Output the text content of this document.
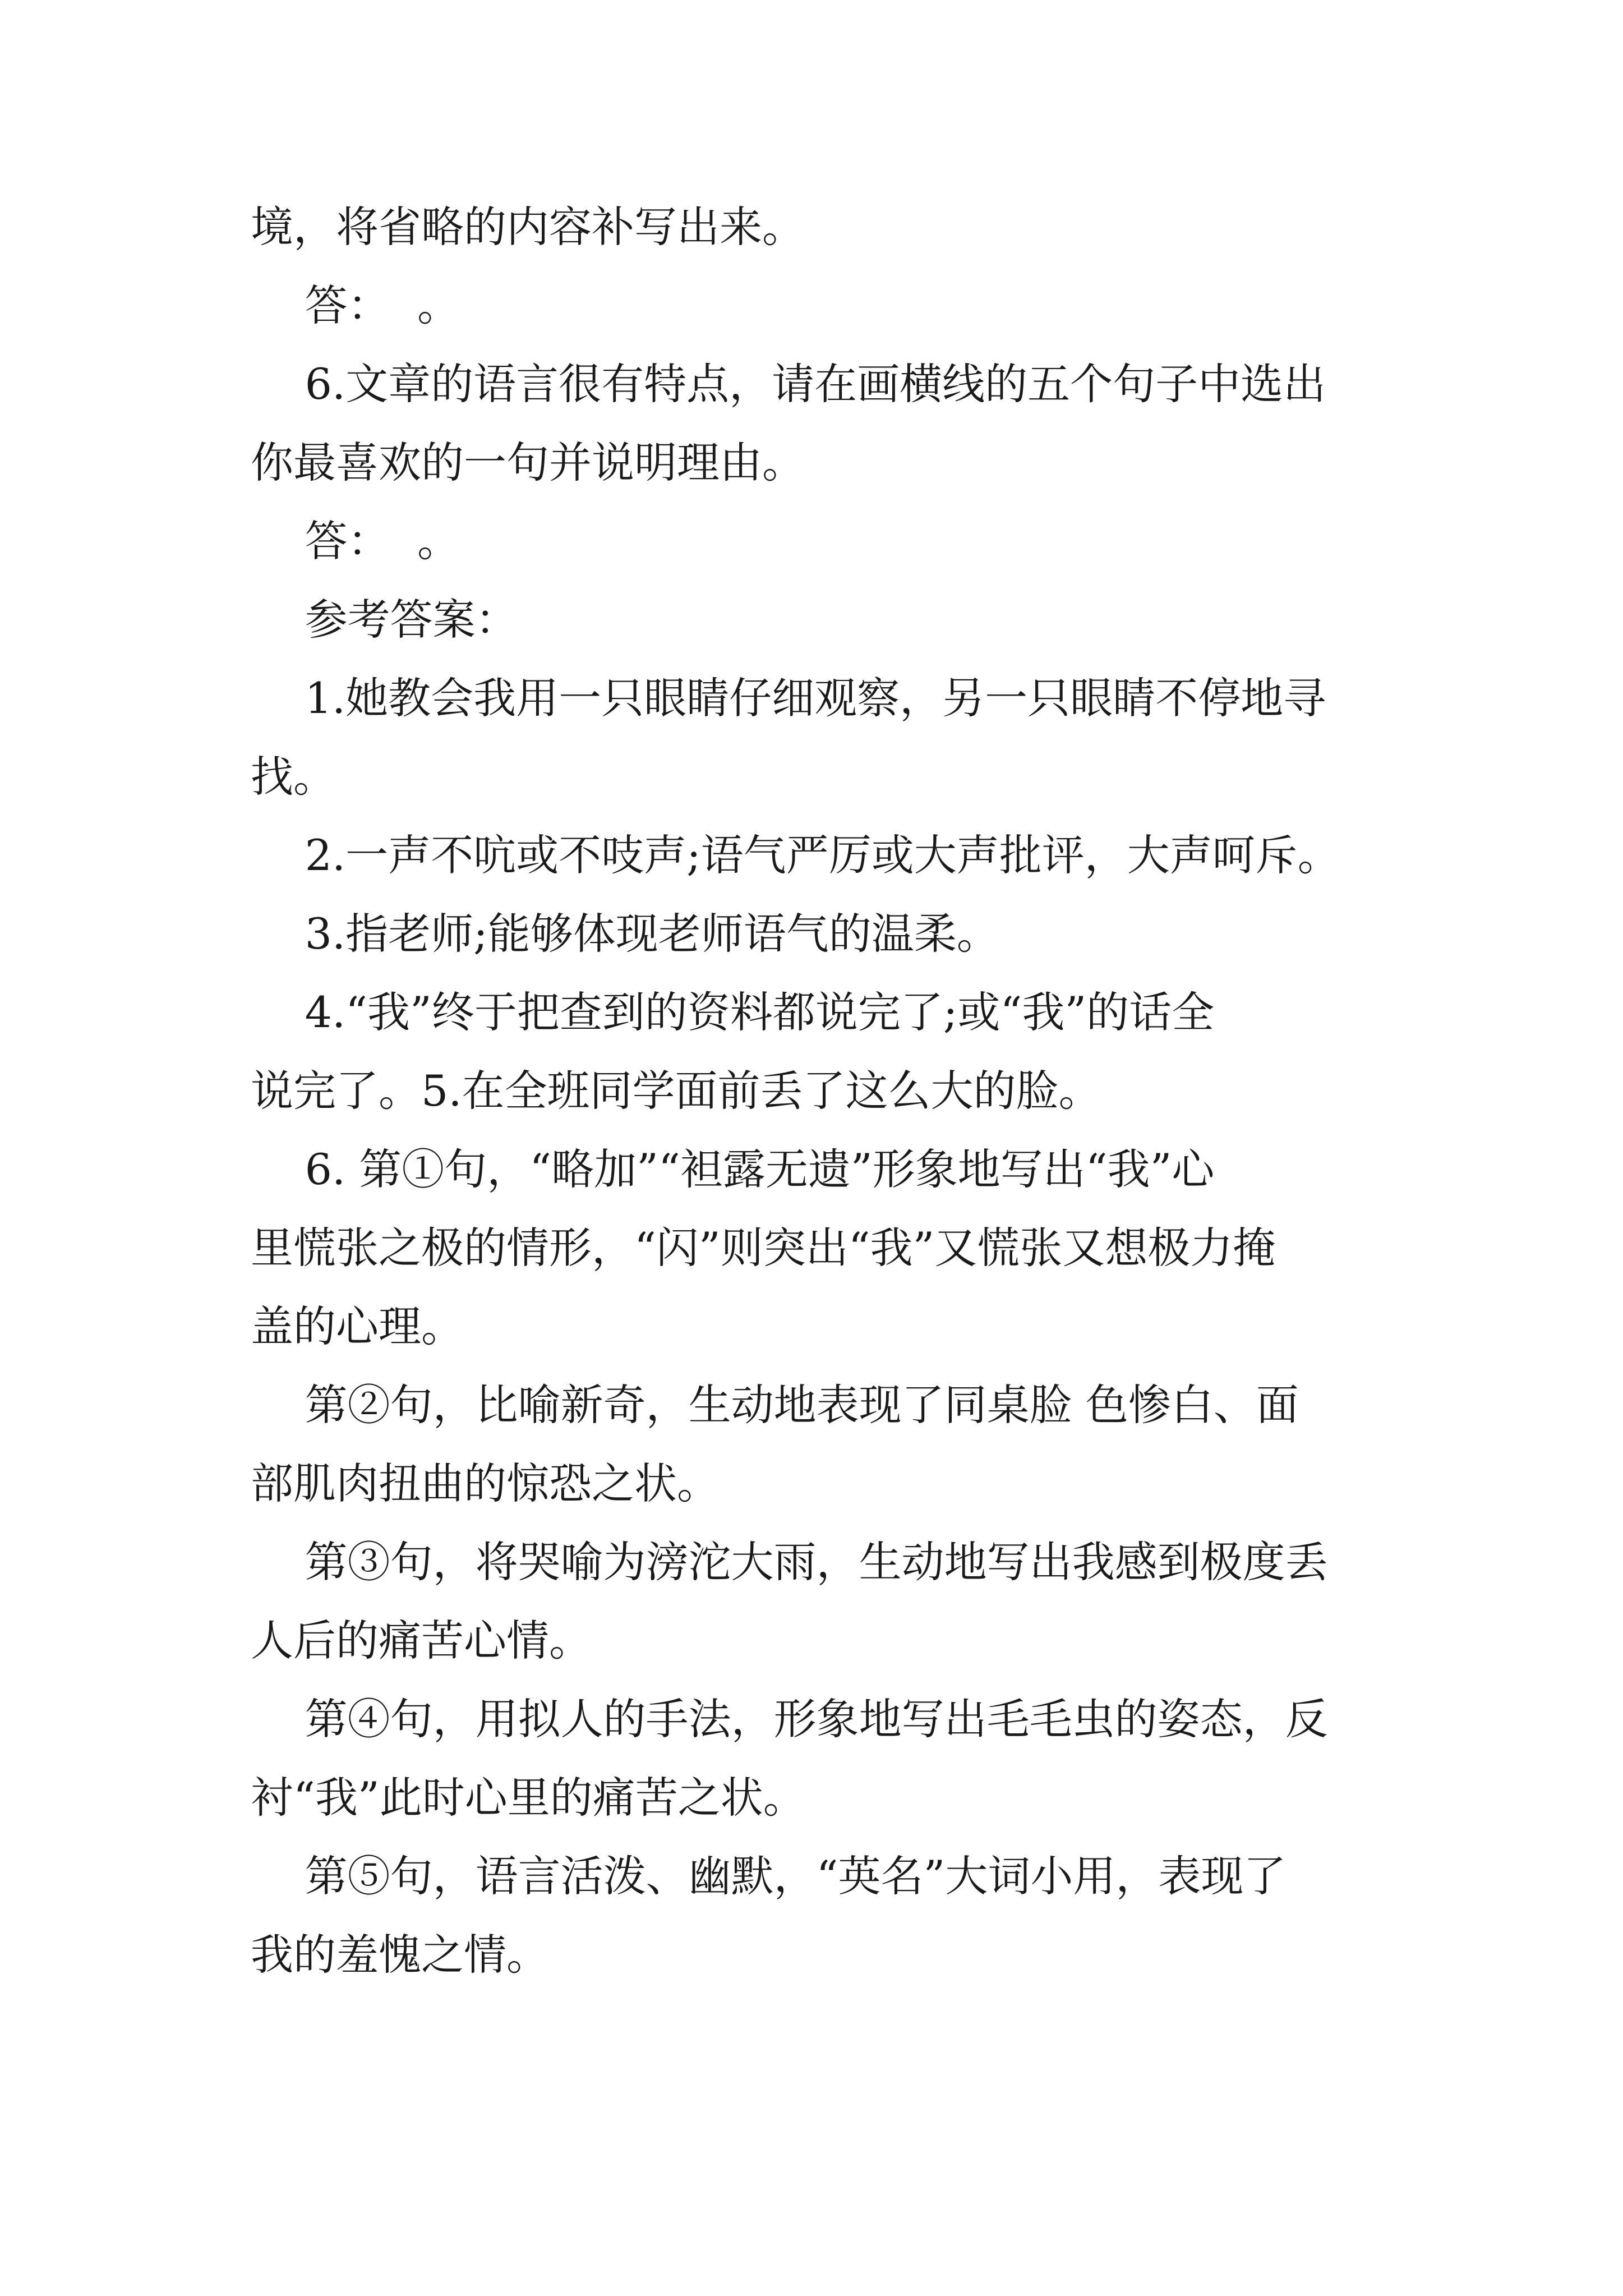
境，将省略的内容补写出来。

答：  。

6.文章的语言很有特点，请在画横线的五个句子中选出

你最喜欢的一句并说明理由。

答：  。

参考答案：

1.她教会我用一只眼睛仔细观察，另一只眼睛不停地寻

找。

2.一声不吭或不吱声;语气严厉或大声批评，大声呵斥。

3.指老师;能够体现老师语气的温柔。

4.“我”终于把查到的资料都说完了;或“我”的话全

说完了。5.在全班同学面前丢了这么大的脸。

6. 第①句，“略加”“袒露无遗”形象地写出“我”心

里慌张之极的情形，“闪”则突出“我”又慌张又想极力掩

盖的心理。

第②句，比喻新奇，生动地表现了同桌脸 色惨白、面

部肌肉扭曲的惊恐之状。

第③句，将哭喻为滂沱大雨，生动地写出我感到极度丢

人后的痛苦心情。

第④句，用拟人的手法，形象地写出毛毛虫的姿态，反

衬“我”此时心里的痛苦之状。

第⑤句，语言活泼、幽默，“英名”大词小用，表现了

我的羞愧之情。
